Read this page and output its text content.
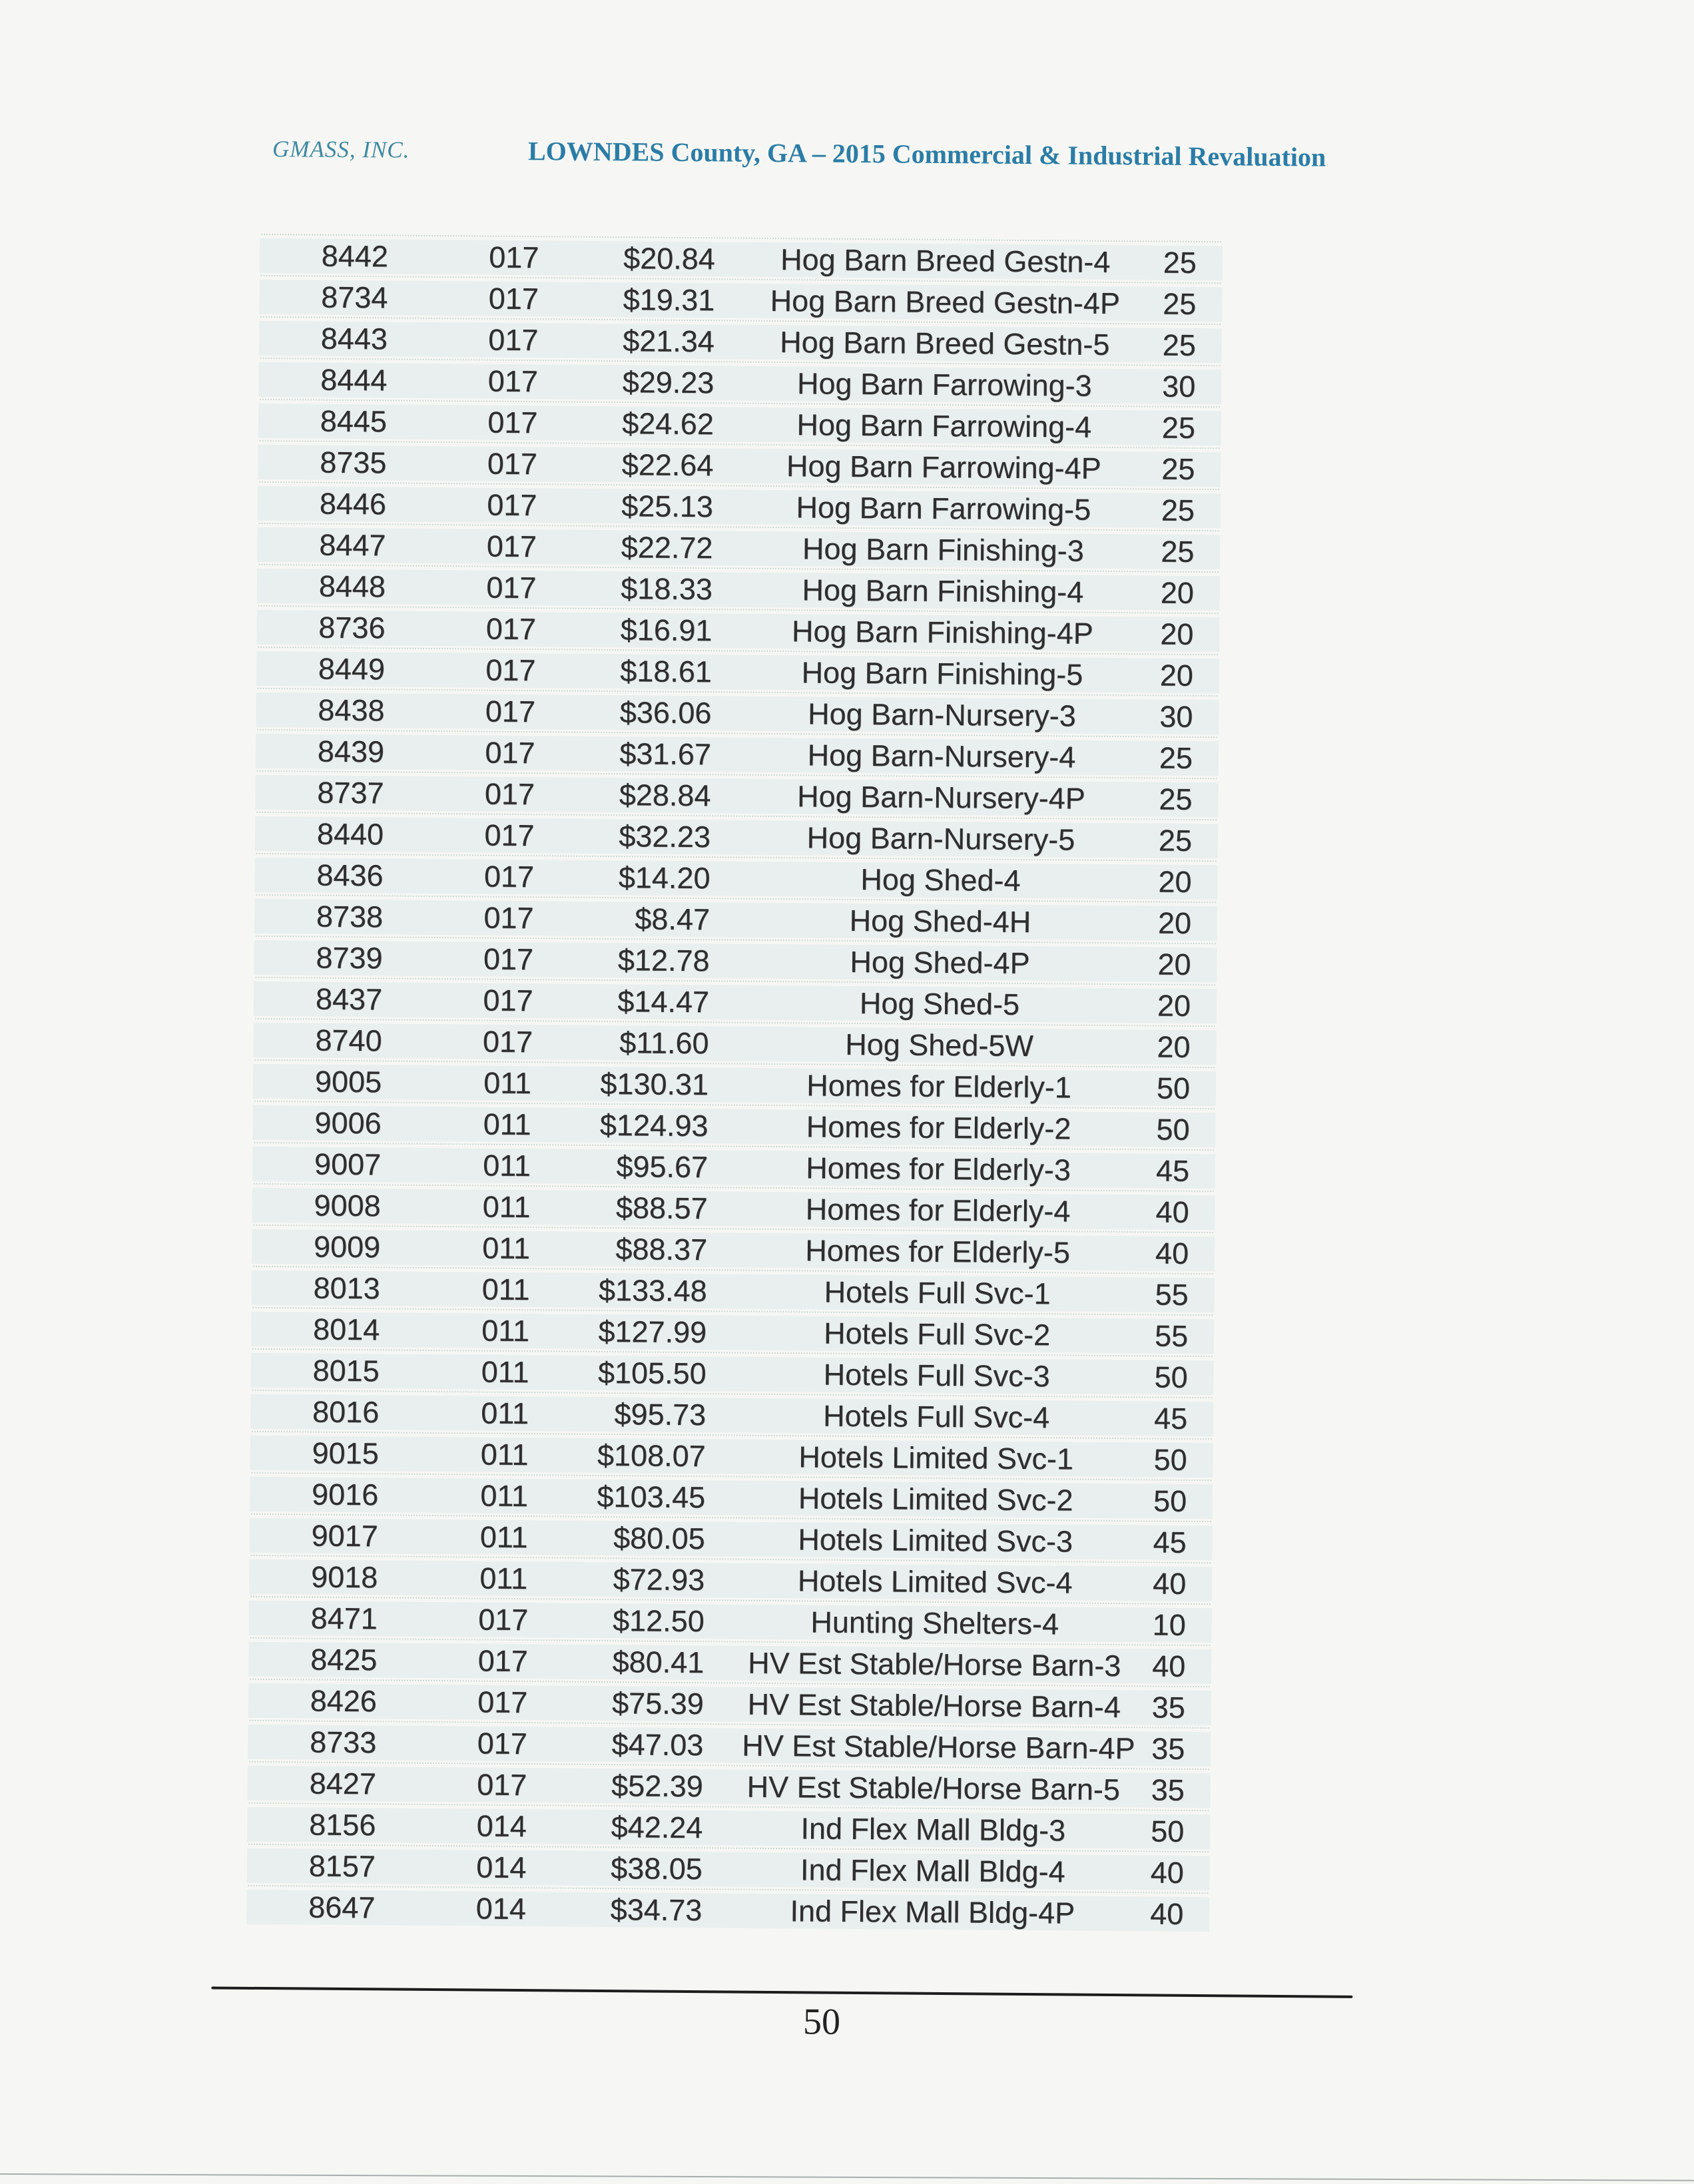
GMASS, INC.	LOWNDES County, GA – 2015 Commercial & Industrial Revaluation
8442	017	$20.84	Hog Barn Breed Gestn-4	25
8734	017	$19.31	Hog Barn Breed Gestn-4P	25
8443	017	$21.34	Hog Barn Breed Gestn-5	25
8444	017	$29.23	Hog Barn Farrowing-3	30
8445	017	$24.62	Hog Barn Farrowing-4	25
8735	017	$22.64	Hog Barn Farrowing-4P	25
8446	017	$25.13	Hog Barn Farrowing-5	25
8447	017	$22.72	Hog Barn Finishing-3	25
8448	017	$18.33	Hog Barn Finishing-4	20
8736	017	$16.91	Hog Barn Finishing-4P	20
8449	017	$18.61	Hog Barn Finishing-5	20
8438	017	$36.06	Hog Barn-Nursery-3	30
8439	017	$31.67	Hog Barn-Nursery-4	25
8737	017	$28.84	Hog Barn-Nursery-4P	25
8440	017	$32.23	Hog Barn-Nursery-5	25
8436	017	$14.20	Hog Shed-4	20
8738	017	$8.47	Hog Shed-4H	20
8739	017	$12.78	Hog Shed-4P	20
8437	017	$14.47	Hog Shed-5	20
8740	017	$11.60	Hog Shed-5W	20
9005	011	$130.31	Homes for Elderly-1	50
9006	011	$124.93	Homes for Elderly-2	50
9007	011	$95.67	Homes for Elderly-3	45
9008	011	$88.57	Homes for Elderly-4	40
9009	011	$88.37	Homes for Elderly-5	40
8013	011	$133.48	Hotels Full Svc-1	55
8014	011	$127.99	Hotels Full Svc-2	55
8015	011	$105.50	Hotels Full Svc-3	50
8016	011	$95.73	Hotels Full Svc-4	45
9015	011	$108.07	Hotels Limited Svc-1	50
9016	011	$103.45	Hotels Limited Svc-2	50
9017	011	$80.05	Hotels Limited Svc-3	45
9018	011	$72.93	Hotels Limited Svc-4	40
8471	017	$12.50	Hunting Shelters-4	10
8425	017	$80.41	HV Est Stable/Horse Barn-3	40
8426	017	$75.39	HV Est Stable/Horse Barn-4	35
8733	017	$47.03	HV Est Stable/Horse Barn-4P 35
8427	017	$52.39	HV Est Stable/Horse Barn-5	35
8156	014	$42.24	Ind Flex Mall Bldg-3	50
8157	014	$38.05	Ind Flex Mall Bldg-4	40
8647	014	$34.73	Ind Flex Mall Bldg-4P	40
50
